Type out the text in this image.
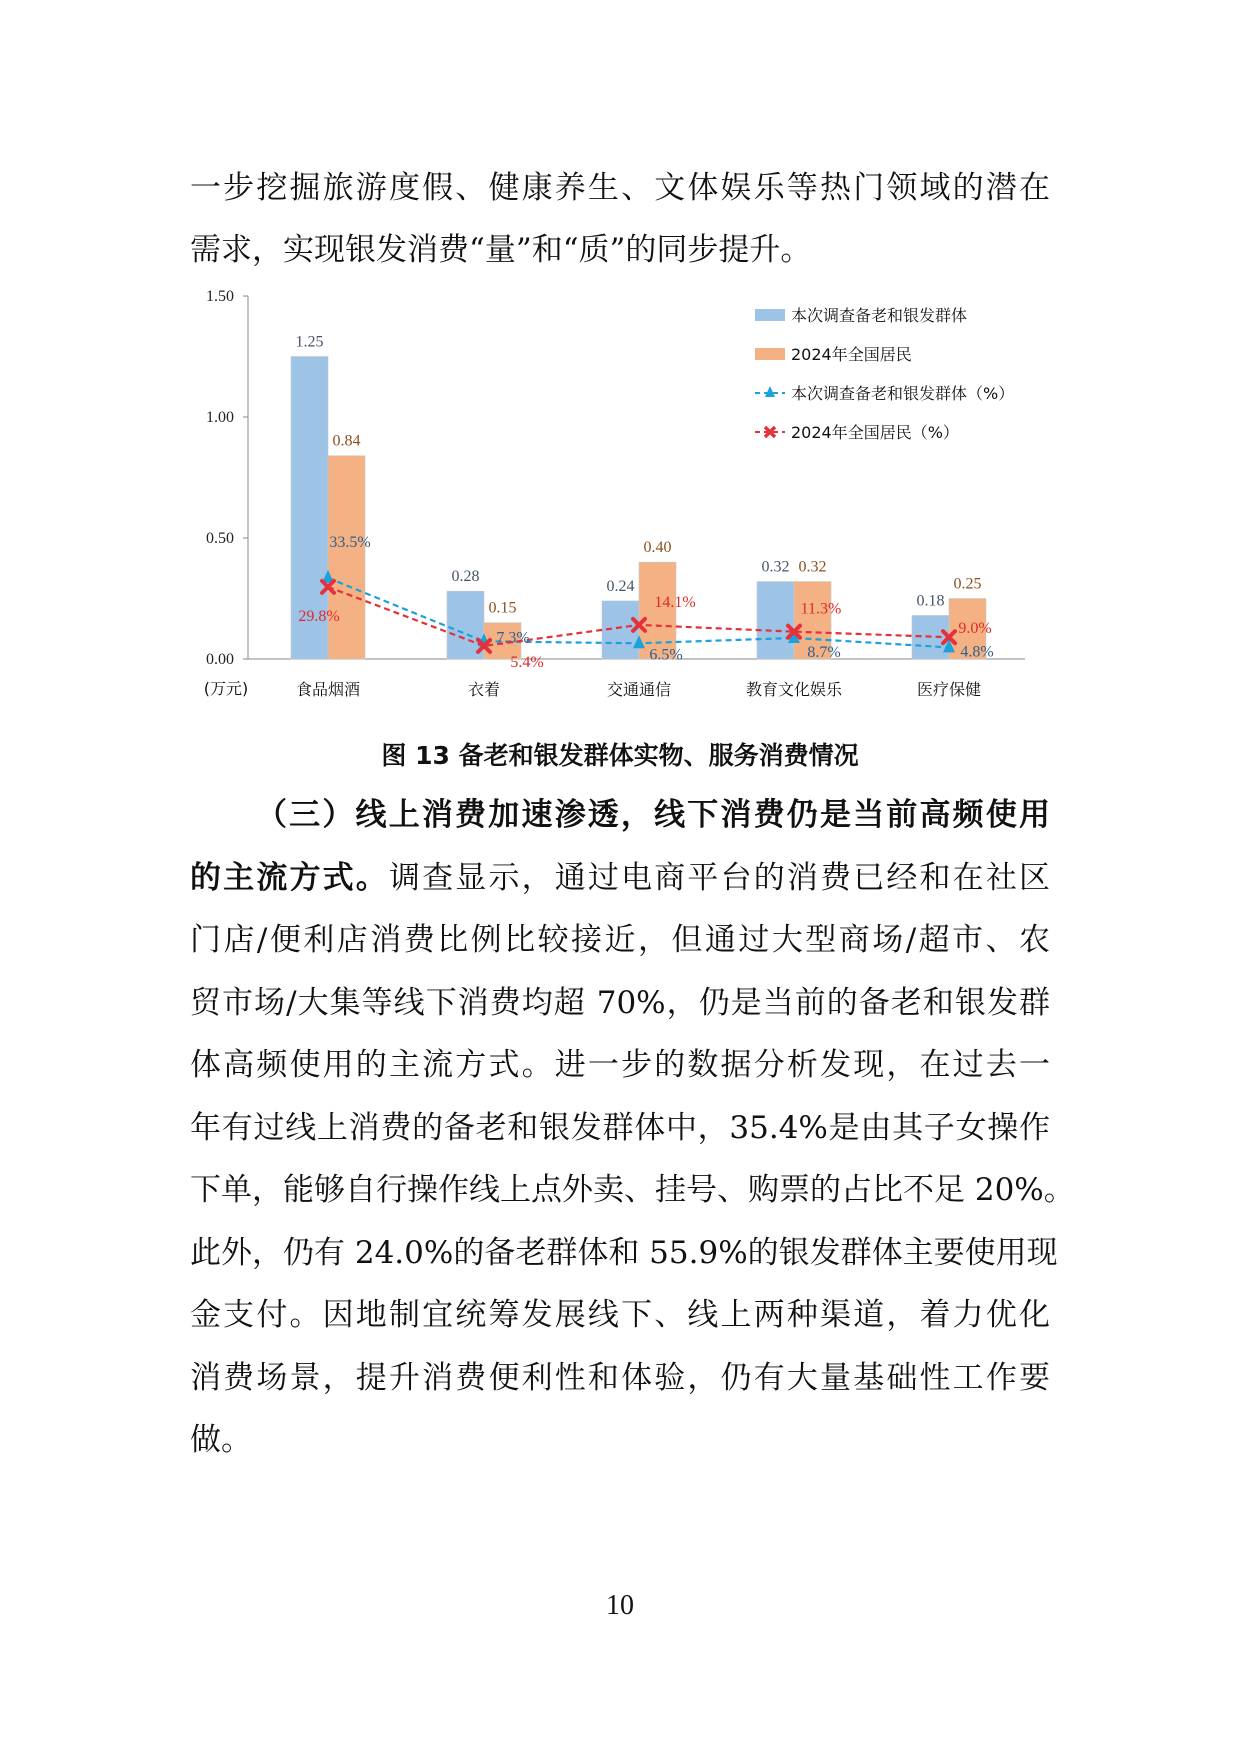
一步挖掘旅游度假、健康养生、文体娱乐等热门领域的潜在
需求，实现银发消费“量”和“质”的同步提升。
0.00
0.50
1.00
1.50
(万元)	食品烟酒	衣着	交通通信	教育文化娱乐	医疗保健
1.25
0.28
0.24
0.32
0.18
0.84
0.15
0.40
0.32
0.25
33.5%
7.3%
6.5%	8.7%	4.8%
29.8%
5.4%
14.1%	11.3%
9.0%
本次调查备老和银发群体
2024年全国居民
本次调查备老和银发群体（%）
2024年全国居民（%）
图 13 备老和银发群体实物、服务消费情况
（三）线上消费加速渗透，线下消费仍是当前高频使用
的主流方式。调查显示，通过电商平台的消费已经和在社区
门店/便利店消费比例比较接近，但通过大型商场/超市、农
贸市场/大集等线下消费均超 70%，仍是当前的备老和银发群
体高频使用的主流方式。进一步的数据分析发现，在过去一
年有过线上消费的备老和银发群体中，35.4%是由其子女操作
下单，能够自行操作线上点外卖、挂号、购票的占比不足 20%。
此外，仍有 24.0%的备老群体和 55.9%的银发群体主要使用现
金支付。因地制宜统筹发展线下、线上两种渠道，着力优化
消费场景，提升消费便利性和体验，仍有大量基础性工作要
做。
10
